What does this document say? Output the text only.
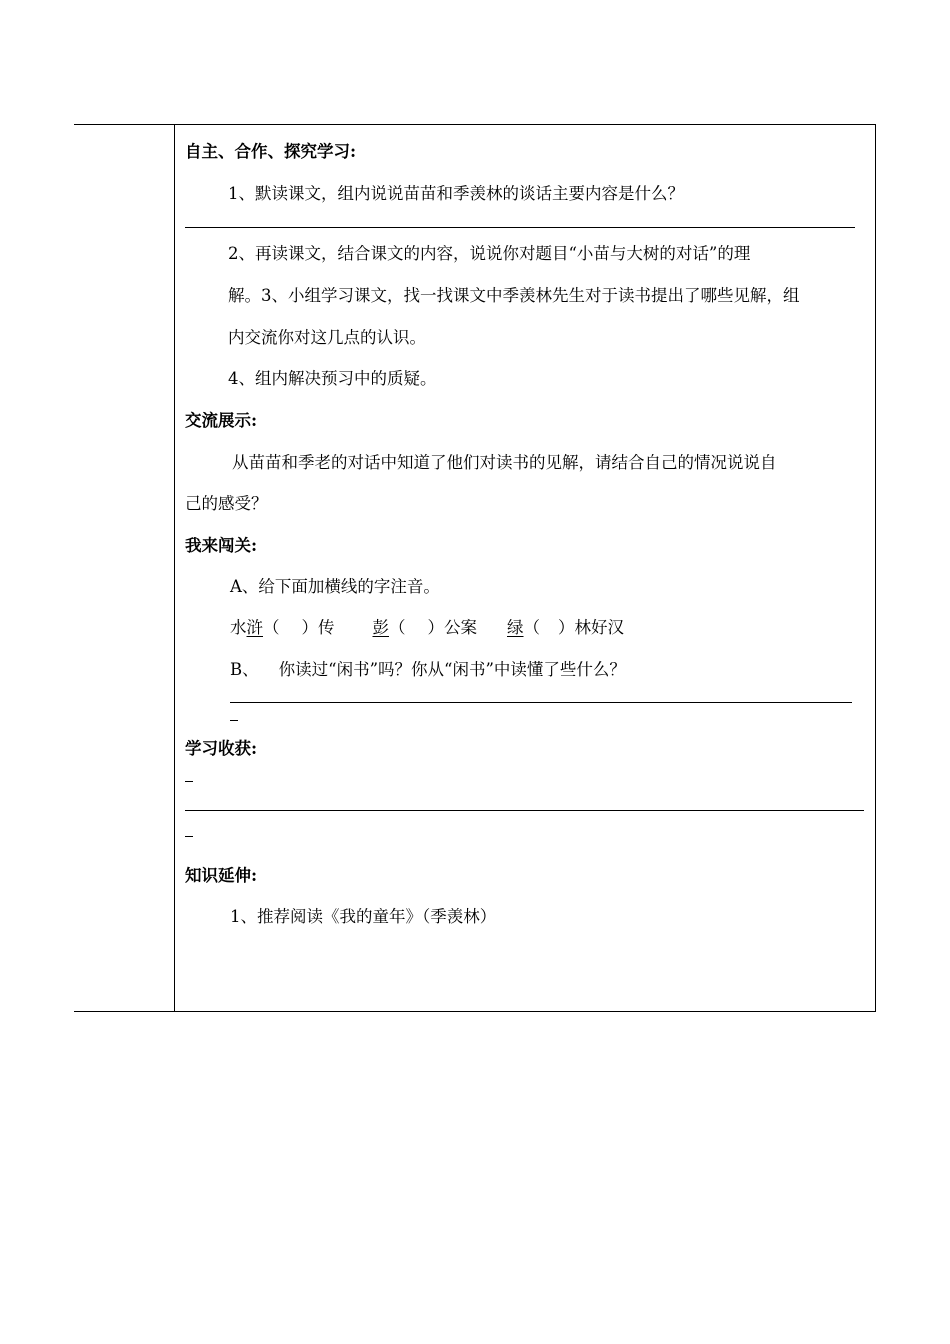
自主、合作、探究学习:
1、默读课文，组内说说苗苗和季羡林的谈话主要内容是什么？
2、再读课文，结合课文的内容，说说你对题目“小苗与大树的对话”的理
解。3、小组学习课文，找一找课文中季羡林先生对于读书提出了哪些见解，组
内交流你对这几点的认识。
4、组内解决预习中的质疑。
交流展示:
从苗苗和季老的对话中知道了他们对读书的见解，请结合自己的情况说说自
己的感受？
我来闯关:
A、给下面加横线的字注音。
水浒（ ）传 彭（ ）公案 绿（ ）林好汉
B、 你读过“闲书”吗？你从“闲书”中读懂了些什么？
学习收获:
知识延伸:
1、推荐阅读《我的童年》（季羡林）
